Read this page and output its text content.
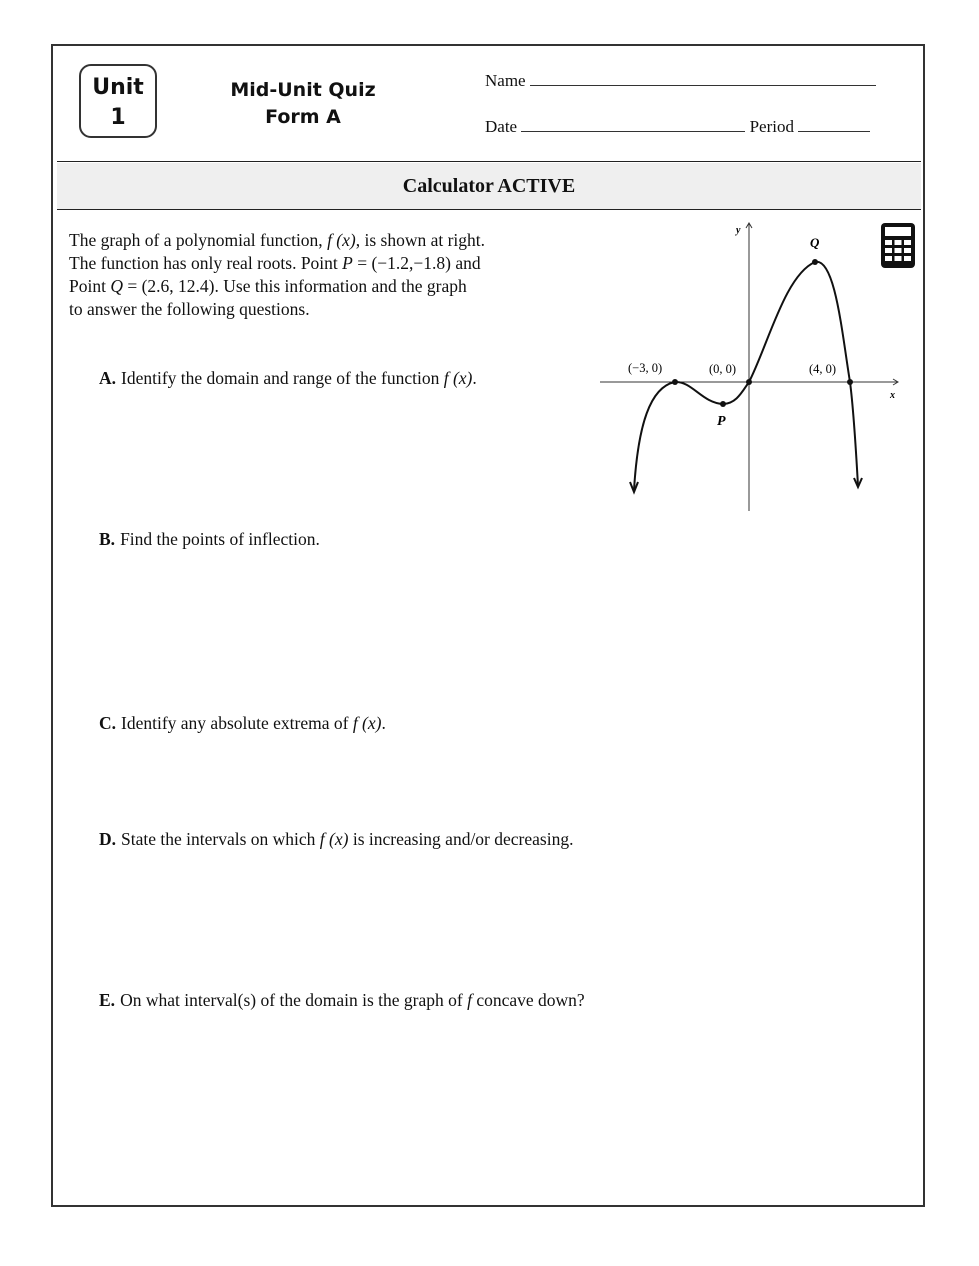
Unit
1
Mid-Unit Quiz
Form A
Name
Date	Period
Calculator ACTIVE
The graph of a polynomial function, f (x), is shown at right.
The function has only real roots. Point P = (−1.2,−1.8) and
Point Q = (2.6, 12.4). Use this information and the graph
to answer the following questions.
A. Identify the domain and range of the function f (x).
B. Find the points of inflection.
C. Identify any absolute extrema of f (x).
D. State the intervals on which f (x) is increasing and/or decreasing.
E. On what interval(s) of the domain is the graph of f concave down?
y
x
(−3, 0)	(0, 0)	(4, 0)
P
Q
